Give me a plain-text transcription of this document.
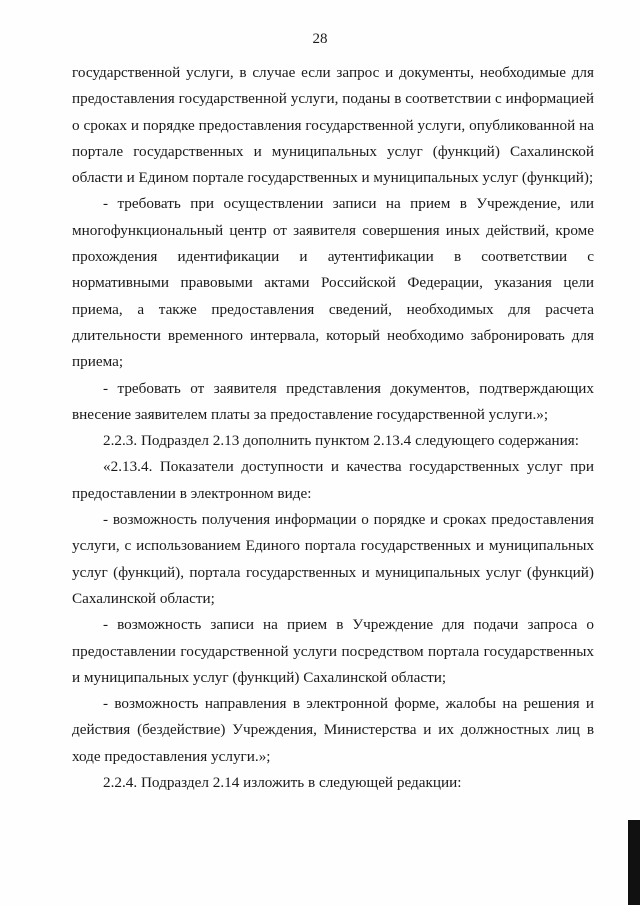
28

государственной услуги, в случае если запрос и документы, необходимые для предоставления государственной услуги, поданы в соответствии с информацией о сроках и порядке предоставления государственной услуги, опубликованной на портале государственных и муниципальных услуг (функций) Сахалинской области и Едином портале государственных и муниципальных услуг (функций);

- требовать при осуществлении записи на прием в Учреждение, или многофункциональный центр от заявителя совершения иных действий, кроме прохождения идентификации и аутентификации в соответствии с нормативными правовыми актами Российской Федерации, указания цели приема, а также предоставления сведений, необходимых для расчета длительности временного интервала, который необходимо забронировать для приема;

- требовать от заявителя представления документов, подтверждающих внесение заявителем платы за предоставление государственной услуги.»;

2.2.3. Подраздел 2.13 дополнить пунктом 2.13.4 следующего содержания:

«2.13.4. Показатели доступности и качества государственных услуг при предоставлении в электронном виде:

- возможность получения информации о порядке и сроках предоставления услуги, с использованием Единого портала государственных и муниципальных услуг (функций), портала государственных и муниципальных услуг (функций) Сахалинской области;

- возможность записи на прием в Учреждение для подачи запроса о предоставлении государственной услуги посредством портала государственных и муниципальных услуг (функций) Сахалинской области;

- возможность направления в электронной форме, жалобы на решения и действия (бездействие) Учреждения, Министерства и их должностных лиц в ходе предоставления услуги.»;

2.2.4. Подраздел 2.14 изложить в следующей редакции:
